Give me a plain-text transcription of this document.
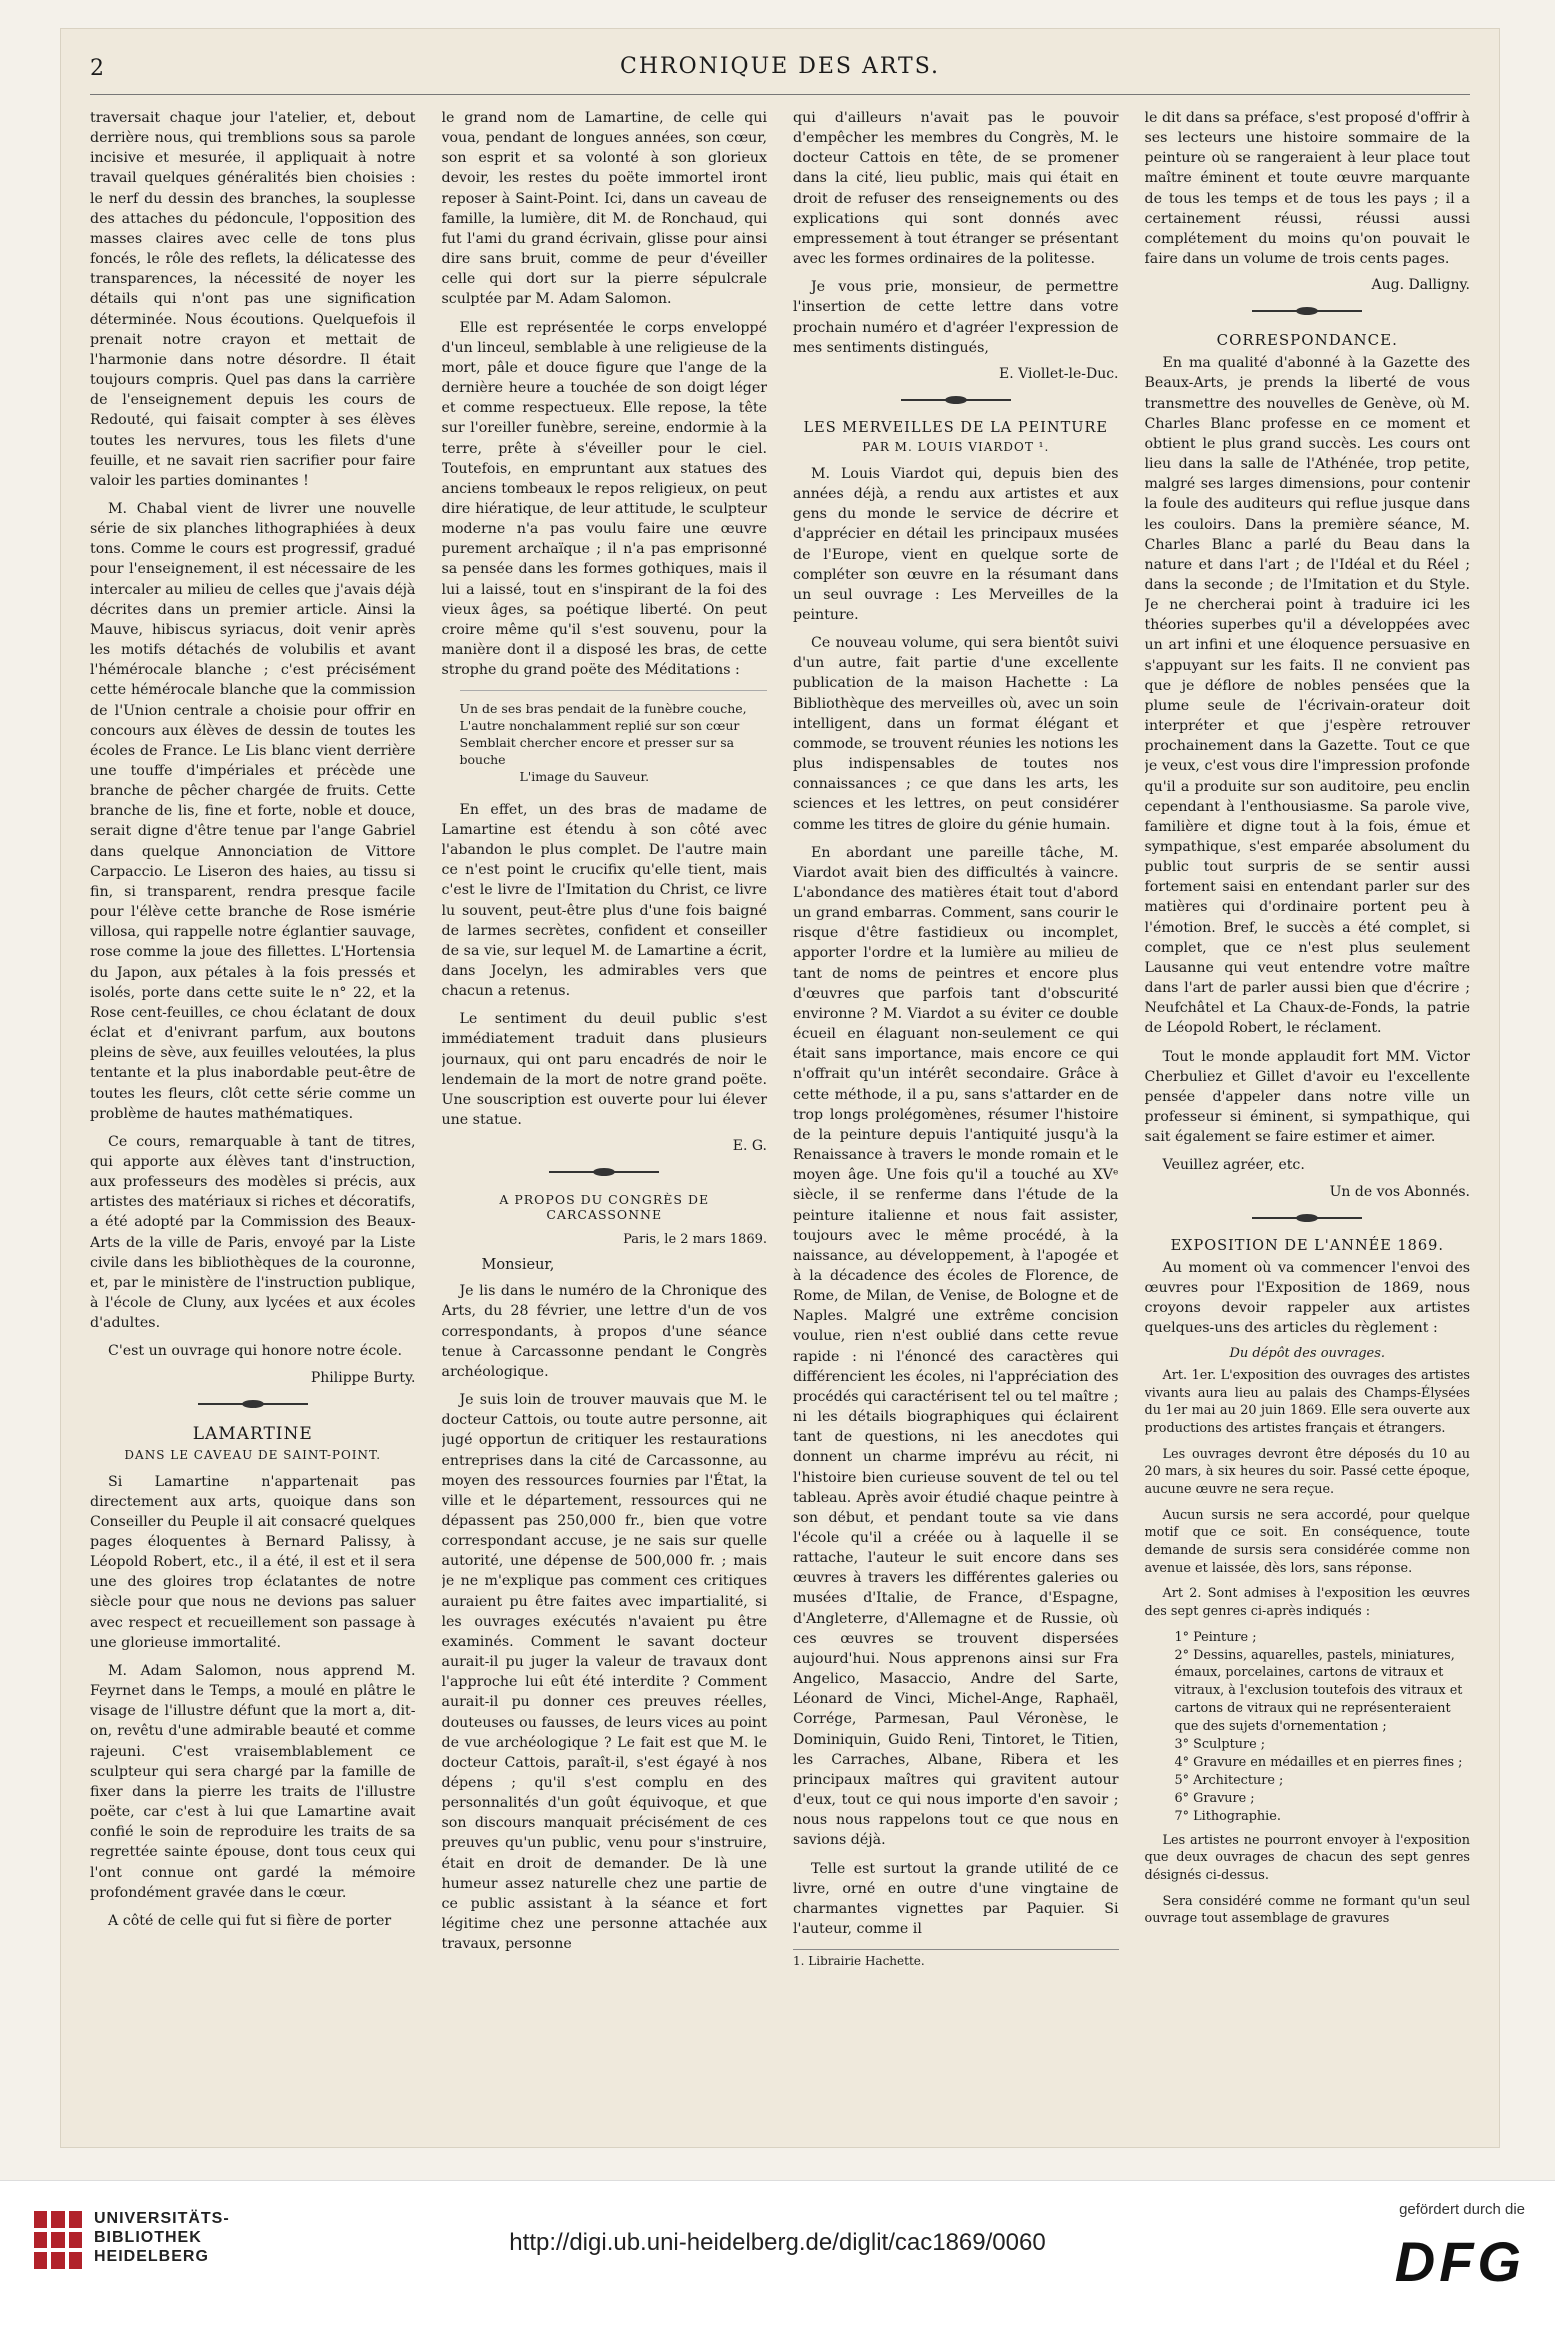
2	CHRONIQUE DES ARTS.

traversait chaque jour l'atelier, et, debout derrière nous, qui tremblions sous sa parole incisive et mesurée, il appliquait à notre travail quelques généralités bien choisies : le nerf du dessin des branches, la souplesse des attaches du pédoncule, l'opposition des masses claires avec celle de tons plus foncés, le rôle des reflets, la délicatesse des transparences, la nécessité de noyer les détails qui n'ont pas une signification déterminée. Nous écoutions. Quelquefois il prenait notre crayon et mettait de l'harmonie dans notre désordre. Il était toujours compris. Quel pas dans la carrière de l'enseignement depuis les cours de Redouté, qui faisait compter à ses élèves toutes les nervures, tous les filets d'une feuille, et ne savait rien sacrifier pour faire valoir les parties dominantes !

M. Chabal vient de livrer une nouvelle série de six planches lithographiées à deux tons. Comme le cours est progressif, gradué pour l'enseignement, il est nécessaire de les intercaler au milieu de celles que j'avais déjà décrites dans un premier article. Ainsi la Mauve, hibiscus syriacus, doit venir après les motifs détachés de volubilis et avant l'hémérocale blanche ; c'est précisément cette hémérocale blanche que la commission de l'Union centrale a choisie pour offrir en concours aux élèves de dessin de toutes les écoles de France. Le Lis blanc vient derrière une touffe d'impériales et précède une branche de pêcher chargée de fruits. Cette branche de lis, fine et forte, noble et douce, serait digne d'être tenue par l'ange Gabriel dans quelque Annonciation de Vittore Carpaccio. Le Liseron des haies, au tissu si fin, si transparent, rendra presque facile pour l'élève cette branche de Rose ismérie villosa, qui rappelle notre églantier sauvage, rose comme la joue des fillettes. L'Hortensia du Japon, aux pétales à la fois pressés et isolés, porte dans cette suite le n° 22, et la Rose cent-feuilles, ce chou éclatant de doux éclat et d'enivrant parfum, aux boutons pleins de sève, aux feuilles veloutées, la plus tentante et la plus inabordable peut-être de toutes les fleurs, clôt cette série comme un problème de hautes mathématiques.

Ce cours, remarquable à tant de titres, qui apporte aux élèves tant d'instruction, aux professeurs des modèles si précis, aux artistes des matériaux si riches et décoratifs, a été adopté par la Commission des Beaux-Arts de la ville de Paris, envoyé par la Liste civile dans les bibliothèques de la couronne, et, par le ministère de l'instruction publique, à l'école de Cluny, aux lycées et aux écoles d'adultes.

C'est un ouvrage qui honore notre école.

Philippe Burty.
LAMARTINE
DANS LE CAVEAU DE SAINT-POINT.

Si Lamartine n'appartenait pas directement aux arts, quoique dans son Conseiller du Peuple il ait consacré quelques pages éloquentes à Bernard Palissy, à Léopold Robert, etc., il a été, il est et il sera une des gloires trop éclatantes de notre siècle pour que nous ne devions pas saluer avec respect et recueillement son passage à une glorieuse immortalité.

M. Adam Salomon, nous apprend M. Feyrnet dans le Temps, a moulé en plâtre le visage de l'illustre défunt que la mort a, dit-on, revêtu d'une admirable beauté et comme rajeuni. C'est vraisemblablement ce sculpteur qui sera chargé par la famille de fixer dans la pierre les traits de l'illustre poëte, car c'est à lui que Lamartine avait confié le soin de reproduire les traits de sa regrettée sainte épouse, dont tous ceux qui l'ont connue ont gardé la mémoire profondément gravée dans le cœur.

A côté de celle qui fut si fière de porter

le grand nom de Lamartine, de celle qui voua, pendant de longues années, son cœur, son esprit et sa volonté à son glorieux devoir, les restes du poëte immortel iront reposer à Saint-Point. Ici, dans un caveau de famille, la lumière, dit M. de Ronchaud, qui fut l'ami du grand écrivain, glisse pour ainsi dire sans bruit, comme de peur d'éveiller celle qui dort sur la pierre sépulcrale sculptée par M. Adam Salomon.

Elle est représentée le corps enveloppé d'un linceul, semblable à une religieuse de la mort, pâle et douce figure que l'ange de la dernière heure a touchée de son doigt léger et comme respectueux. Elle repose, la tête sur l'oreiller funèbre, sereine, endormie à la terre, prête à s'éveiller pour le ciel. Toutefois, en empruntant aux statues des anciens tombeaux le repos religieux, on peut dire hiératique, de leur attitude, le sculpteur moderne n'a pas voulu faire une œuvre purement archaïque ; il n'a pas emprisonné sa pensée dans les formes gothiques, mais il lui a laissé, tout en s'inspirant de la foi des vieux âges, sa poétique liberté. On peut croire même qu'il s'est souvenu, pour la manière dont il a disposé les bras, de cette strophe du grand poëte des Méditations :

Un de ses bras pendait de la funèbre couche,
L'autre nonchalamment replié sur son cœur
Semblait chercher encore et presser sur sa bouche
L'image du Sauveur.

En effet, un des bras de madame de Lamartine est étendu à son côté avec l'abandon le plus complet. De l'autre main ce n'est point le crucifix qu'elle tient, mais c'est le livre de l'Imitation du Christ, ce livre lu souvent, peut-être plus d'une fois baigné de larmes secrètes, confident et conseiller de sa vie, sur lequel M. de Lamartine a écrit, dans Jocelyn, les admirables vers que chacun a retenus.

Le sentiment du deuil public s'est immédiatement traduit dans plusieurs journaux, qui ont paru encadrés de noir le lendemain de la mort de notre grand poëte. Une souscription est ouverte pour lui élever une statue.

E. G.
A PROPOS DU CONGRÈS DE CARCASSONNE
Paris, le 2 mars 1869.
Monsieur,

Je lis dans le numéro de la Chronique des Arts, du 28 février, une lettre d'un de vos correspondants, à propos d'une séance tenue à Carcassonne pendant le Congrès archéologique.

Je suis loin de trouver mauvais que M. le docteur Cattois, ou toute autre personne, ait jugé opportun de critiquer les restaurations entreprises dans la cité de Carcassonne, au moyen des ressources fournies par l'État, la ville et le département, ressources qui ne dépassent pas 250,000 fr., bien que votre correspondant accuse, je ne sais sur quelle autorité, une dépense de 500,000 fr. ; mais je ne m'explique pas comment ces critiques auraient pu être faites avec impartialité, si les ouvrages exécutés n'avaient pu être examinés. Comment le savant docteur aurait-il pu juger la valeur de travaux dont l'approche lui eût été interdite ? Comment aurait-il pu donner ces preuves réelles, douteuses ou fausses, de leurs vices au point de vue archéologique ? Le fait est que M. le docteur Cattois, paraît-il, s'est égayé à nos dépens ; qu'il s'est complu en des personnalités d'un goût équivoque, et que son discours manquait précisément de ces preuves qu'un public, venu pour s'instruire, était en droit de demander. De là une humeur assez naturelle chez une partie de ce public assistant à la séance et fort légitime chez une personne attachée aux travaux, personne

qui d'ailleurs n'avait pas le pouvoir d'empêcher les membres du Congrès, M. le docteur Cattois en tête, de se promener dans la cité, lieu public, mais qui était en droit de refuser des renseignements ou des explications qui sont donnés avec empressement à tout étranger se présentant avec les formes ordinaires de la politesse.

Je vous prie, monsieur, de permettre l'insertion de cette lettre dans votre prochain numéro et d'agréer l'expression de mes sentiments distingués,

E. Viollet-le-Duc.
LES MERVEILLES DE LA PEINTURE
PAR M. LOUIS VIARDOT ¹.

M. Louis Viardot qui, depuis bien des années déjà, a rendu aux artistes et aux gens du monde le service de décrire et d'apprécier en détail les principaux musées de l'Europe, vient en quelque sorte de compléter son œuvre en la résumant dans un seul ouvrage : Les Merveilles de la peinture.

Ce nouveau volume, qui sera bientôt suivi d'un autre, fait partie d'une excellente publication de la maison Hachette : La Bibliothèque des merveilles où, avec un soin intelligent, dans un format élégant et commode, se trouvent réunies les notions les plus indispensables de toutes nos connaissances ; ce que dans les arts, les sciences et les lettres, on peut considérer comme les titres de gloire du génie humain.

En abordant une pareille tâche, M. Viardot avait bien des difficultés à vaincre. L'abondance des matières était tout d'abord un grand embarras. Comment, sans courir le risque d'être fastidieux ou incomplet, apporter l'ordre et la lumière au milieu de tant de noms de peintres et encore plus d'œuvres que parfois tant d'obscurité environne ? M. Viardot a su éviter ce double écueil en élaguant non-seulement ce qui était sans importance, mais encore ce qui n'offrait qu'un intérêt secondaire. Grâce à cette méthode, il a pu, sans s'attarder en de trop longs prolégomènes, résumer l'histoire de la peinture depuis l'antiquité jusqu'à la Renaissance à travers le monde romain et le moyen âge. Une fois qu'il a touché au XVᵉ siècle, il se renferme dans l'étude de la peinture italienne et nous fait assister, toujours avec le même procédé, à la naissance, au développement, à l'apogée et à la décadence des écoles de Florence, de Rome, de Milan, de Venise, de Bologne et de Naples. Malgré une extrême concision voulue, rien n'est oublié dans cette revue rapide : ni l'énoncé des caractères qui différencient les écoles, ni l'appréciation des procédés qui caractérisent tel ou tel maître ; ni les détails biographiques qui éclairent tant de questions, ni les anecdotes qui donnent un charme imprévu au récit, ni l'histoire bien curieuse souvent de tel ou tel tableau. Après avoir étudié chaque peintre à son début, et pendant toute sa vie dans l'école qu'il a créée ou à laquelle il se rattache, l'auteur le suit encore dans ses œuvres à travers les différentes galeries ou musées d'Italie, de France, d'Espagne, d'Angleterre, d'Allemagne et de Russie, où ces œuvres se trouvent dispersées aujourd'hui. Nous apprenons ainsi sur Fra Angelico, Masaccio, Andre del Sarte, Léonard de Vinci, Michel-Ange, Raphaël, Corrége, Parmesan, Paul Véronèse, le Dominiquin, Guido Reni, Tintoret, le Titien, les Carraches, Albane, Ribera et les principaux maîtres qui gravitent autour d'eux, tout ce qui nous importe d'en savoir ; nous nous rappelons tout ce que nous en savions déjà.

Telle est surtout la grande utilité de ce livre, orné en outre d'une vingtaine de charmantes vignettes par Paquier. Si l'auteur, comme il

1. Librairie Hachette.

le dit dans sa préface, s'est proposé d'offrir à ses lecteurs une histoire sommaire de la peinture où se rangeraient à leur place tout maître éminent et toute œuvre marquante de tous les temps et de tous les pays ; il a certainement réussi, réussi aussi complétement du moins qu'on pouvait le faire dans un volume de trois cents pages.

Aug. Dalligny.
CORRESPONDANCE.

En ma qualité d'abonné à la Gazette des Beaux-Arts, je prends la liberté de vous transmettre des nouvelles de Genève, où M. Charles Blanc professe en ce moment et obtient le plus grand succès. Les cours ont lieu dans la salle de l'Athénée, trop petite, malgré ses larges dimensions, pour contenir la foule des auditeurs qui reflue jusque dans les couloirs. Dans la première séance, M. Charles Blanc a parlé du Beau dans la nature et dans l'art ; de l'Idéal et du Réel ; dans la seconde ; de l'Imitation et du Style. Je ne chercherai point à traduire ici les théories superbes qu'il a développées avec un art infini et une éloquence persuasive en s'appuyant sur les faits. Il ne convient pas que je déflore de nobles pensées que la plume seule de l'écrivain-orateur doit interpréter et que j'espère retrouver prochainement dans la Gazette. Tout ce que je veux, c'est vous dire l'impression profonde qu'il a produite sur son auditoire, peu enclin cependant à l'enthousiasme. Sa parole vive, familière et digne tout à la fois, émue et sympathique, s'est emparée absolument du public tout surpris de se sentir aussi fortement saisi en entendant parler sur des matières qui d'ordinaire portent peu à l'émotion. Bref, le succès a été complet, si complet, que ce n'est plus seulement Lausanne qui veut entendre votre maître dans l'art de parler aussi bien que d'écrire ; Neufchâtel et La Chaux-de-Fonds, la patrie de Léopold Robert, le réclament.

Tout le monde applaudit fort MM. Victor Cherbuliez et Gillet d'avoir eu l'excellente pensée d'appeler dans notre ville un professeur si éminent, si sympathique, qui sait également se faire estimer et aimer.

Veuillez agréer, etc.

Un de vos Abonnés.
EXPOSITION DE L'ANNÉE 1869.

Au moment où va commencer l'envoi des œuvres pour l'Exposition de 1869, nous croyons devoir rappeler aux artistes quelques-uns des articles du règlement :

Du dépôt des ouvrages.

Art. 1er. L'exposition des ouvrages des artistes vivants aura lieu au palais des Champs-Élysées du 1er mai au 20 juin 1869. Elle sera ouverte aux productions des artistes français et étrangers.

Les ouvrages devront être déposés du 10 au 20 mars, à six heures du soir. Passé cette époque, aucune œuvre ne sera reçue.

Aucun sursis ne sera accordé, pour quelque motif que ce soit. En conséquence, toute demande de sursis sera considérée comme non avenue et laissée, dès lors, sans réponse.

Art 2. Sont admises à l'exposition les œuvres des sept genres ci-après indiqués :

1° Peinture ;
2° Dessins, aquarelles, pastels, miniatures, émaux, porcelaines, cartons de vitraux et vitraux, à l'exclusion toutefois des vitraux et cartons de vitraux qui ne représenteraient que des sujets d'ornementation ;
3° Sculpture ;
4° Gravure en médailles et en pierres fines ;
5° Architecture ;
6° Gravure ;
7° Lithographie.

Les artistes ne pourront envoyer à l'exposition que deux ouvrages de chacun des sept genres désignés ci-dessus.

Sera considéré comme ne formant qu'un seul ouvrage tout assemblage de gravures

UNIVERSITÄTS-
BIBLIOTHEK
HEIDELBERG
http://digi.ub.uni-heidelberg.de/diglit/cac1869/0060
gefördert durch die
DFG
